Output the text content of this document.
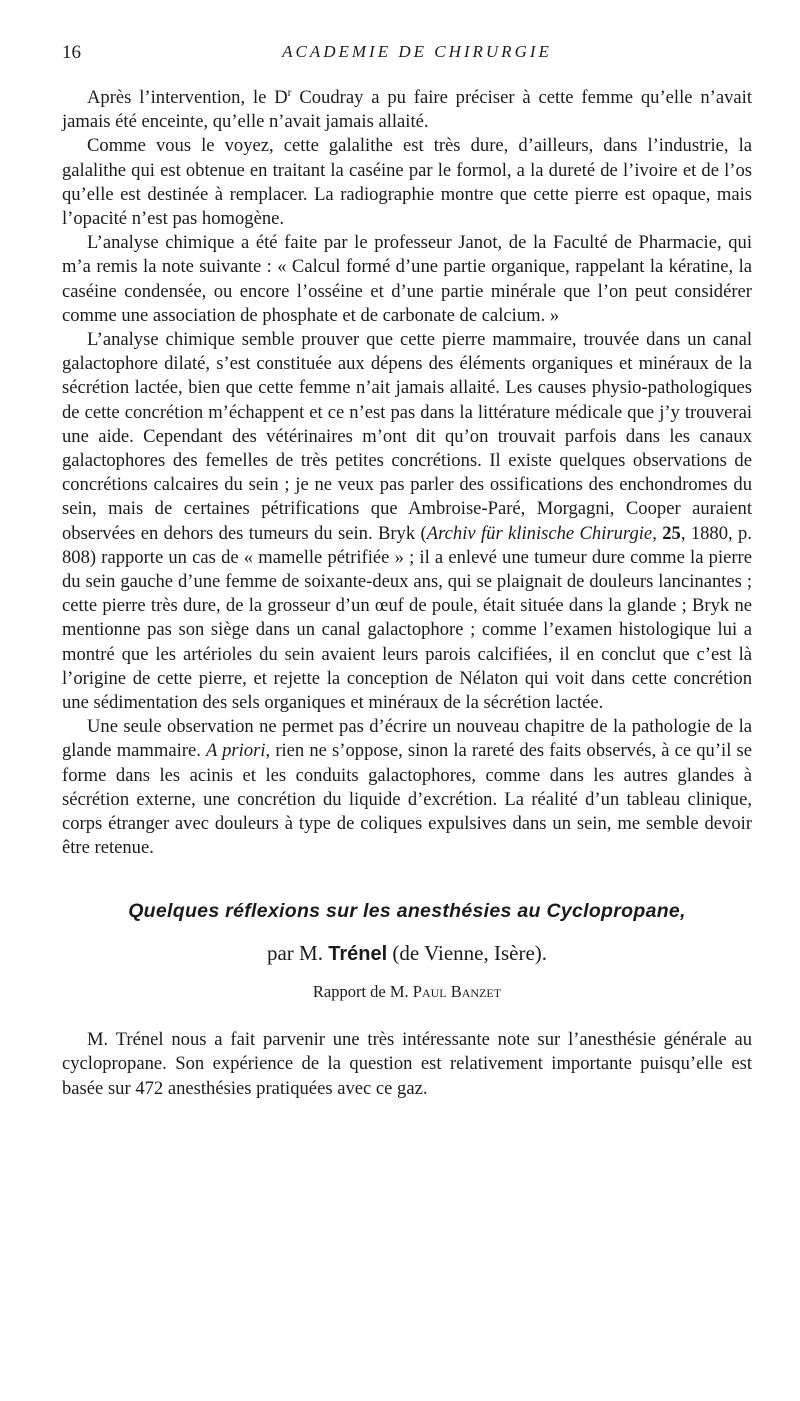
16	ACADEMIE DE CHIRURGIE

Après l’intervention, le $D^r$ Coudray a pu faire préciser à cette femme qu’elle n’avait jamais été enceinte, qu’elle n’avait jamais allaité.

Comme vous le voyez, cette galalithe est très dure, d’ailleurs, dans l’industrie, la galalithe qui est obtenue en traitant la caséine par le formol, a la dureté de l’ivoire et de l’os qu’elle est destinée à remplacer. La radiographie montre que cette pierre est opaque, mais l’opacité n’est pas homogène.

L’analyse chimique a été faite par le professeur Janot, de la Faculté de Pharmacie, qui m’a remis la note suivante : « Calcul formé d’une partie organique, rappelant la kératine, la caséine condensée, ou encore l’osséine et d’une partie minérale que l’on peut considérer comme une association de phosphate et de carbonate de calcium. »

L’analyse chimique semble prouver que cette pierre mammaire, trouvée dans un canal galactophore dilaté, s’est constituée aux dépens des éléments organiques et minéraux de la sécrétion lactée, bien que cette femme n’ait jamais allaité. Les causes physio-pathologiques de cette concrétion m’échappent et ce n’est pas dans la littérature médicale que j’y trouverai une aide. Cependant des vétérinaires m’ont dit qu’on trouvait parfois dans les canaux galactophores des femelles de très petites concrétions. Il existe quelques observations de concrétions calcaires du sein ; je ne veux pas parler des ossifications des enchondromes du sein, mais de certaines pétrifications que Ambroise-Paré, Morgagni, Cooper auraient observées en dehors des tumeurs du sein. Bryk (Archiv für klinische Chirurgie, 25, 1880, p. 808) rapporte un cas de « mamelle pétrifiée » ; il a enlevé une tumeur dure comme la pierre du sein gauche d’une femme de soixante-deux ans, qui se plaignait de douleurs lancinantes ; cette pierre très dure, de la grosseur d’un œuf de poule, était située dans la glande ; Bryk ne mentionne pas son siège dans un canal galactophore ; comme l’examen histologique lui a montré que les artérioles du sein avaient leurs parois calcifiées, il en conclut que c’est là l’origine de cette pierre, et rejette la conception de Nélaton qui voit dans cette concrétion une sédimentation des sels organiques et minéraux de la sécrétion lactée.

Une seule observation ne permet pas d’écrire un nouveau chapitre de la pathologie de la glande mammaire. A priori, rien ne s’oppose, sinon la rareté des faits observés, à ce qu’il se forme dans les acinis et les conduits galactophores, comme dans les autres glandes à sécrétion externe, une concrétion du liquide d’excrétion. La réalité d’un tableau clinique, corps étranger avec douleurs à type de coliques expulsives dans un sein, me semble devoir être retenue.

Quelques réflexions sur les anesthésies au Cyclopropane,
par M. Trénel (de Vienne, Isère).
Rapport de M. Paul Banzet

M. Trénel nous a fait parvenir une très intéressante note sur l’anesthésie générale au cyclopropane. Son expérience de la question est relativement importante puisqu’elle est basée sur 472 anesthésies pratiquées avec ce gaz.
